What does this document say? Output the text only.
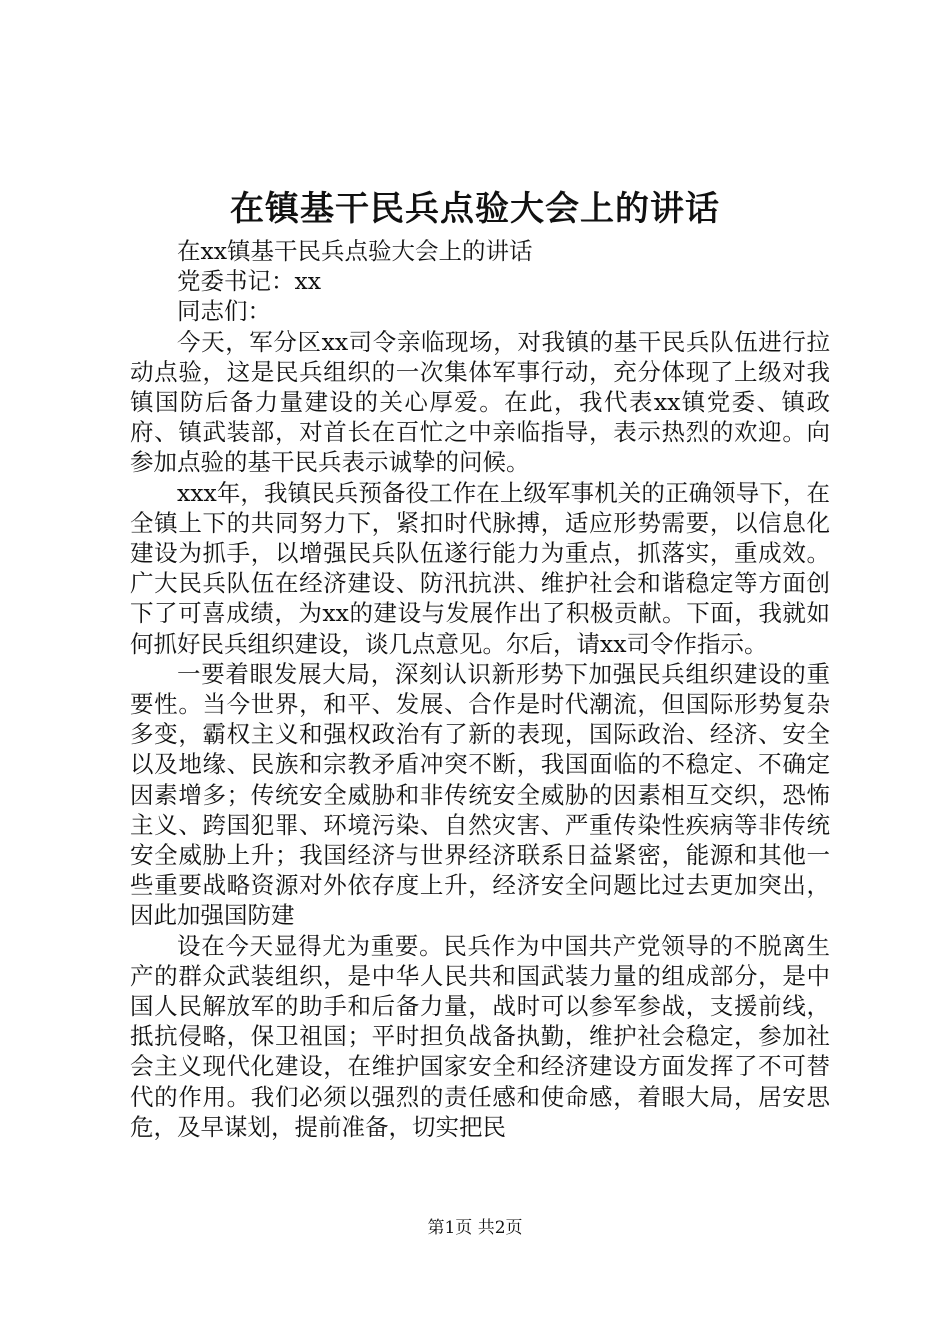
在镇基干民兵点验大会上的讲话

在xx镇基干民兵点验大会上的讲话

党委书记：xx

同志们：

今天，军分区xx司令亲临现场，对我镇的基干民兵队伍进行拉动点验，这是民兵组织的一次集体军事行动，充分体现了上级对我镇国防后备力量建设的关心厚爱。在此，我代表xx镇党委、镇政府、镇武装部，对首长在百忙之中亲临指导，表示热烈的欢迎。向参加点验的基干民兵表示诚挚的问候。

xxx年，我镇民兵预备役工作在上级军事机关的正确领导下，在全镇上下的共同努力下，紧扣时代脉搏，适应形势需要，以信息化建设为抓手，以增强民兵队伍遂行能力为重点，抓落实，重成效。广大民兵队伍在经济建设、防汛抗洪、维护社会和谐稳定等方面创下了可喜成绩，为xx的建设与发展作出了积极贡献。下面，我就如何抓好民兵组织建设，谈几点意见。尔后，请xx司令作指示。

一要着眼发展大局，深刻认识新形势下加强民兵组织建设的重要性。当今世界，和平、发展、合作是时代潮流，但国际形势复杂多变，霸权主义和强权政治有了新的表现，国际政治、经济、安全以及地缘、民族和宗教矛盾冲突不断，我国面临的不稳定、不确定因素增多；传统安全威胁和非传统安全威胁的因素相互交织，恐怖主义、跨国犯罪、环境污染、自然灾害、严重传染性疾病等非传统安全威胁上升；我国经济与世界经济联系日益紧密，能源和其他一些重要战略资源对外依存度上升，经济安全问题比过去更加突出，因此加强国防建

设在今天显得尤为重要。民兵作为中国共产党领导的不脱离生产的群众武装组织，是中华人民共和国武装力量的组成部分，是中国人民解放军的助手和后备力量，战时可以参军参战，支援前线，抵抗侵略，保卫祖国；平时担负战备执勤，维护社会稳定，参加社会主义现代化建设，在维护国家安全和经济建设方面发挥了不可替代的作用。我们必须以强烈的责任感和使命感，着眼大局，居安思危，及早谋划，提前准备，切实把民

第1页 共2页
